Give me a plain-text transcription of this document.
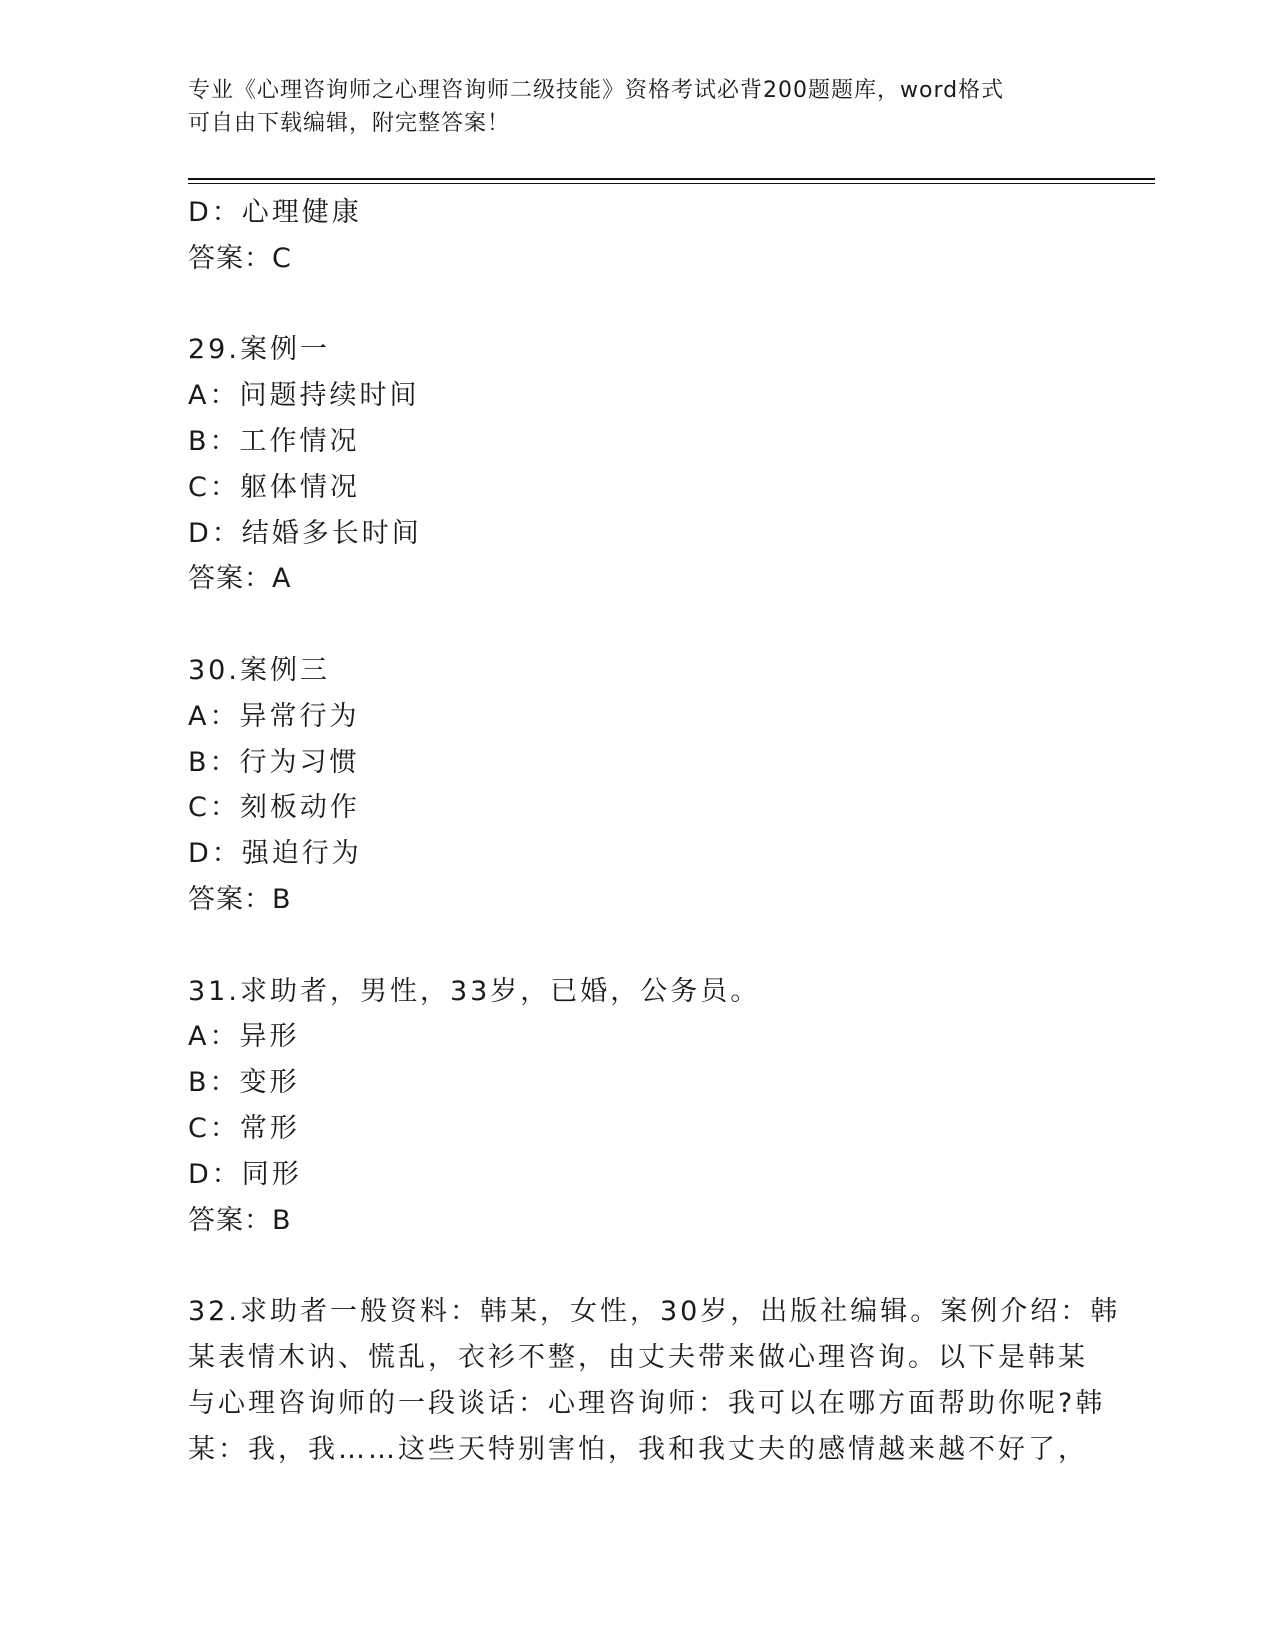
专业《心理咨询师之心理咨询师二级技能》资格考试必背200题题库，word格式
可自由下载编辑，附完整答案！
D：心理健康
答案：C
29.案例一
A：问题持续时间
B：工作情况
C：躯体情况
D：结婚多长时间
答案：A
30.案例三
A：异常行为
B：行为习惯
C：刻板动作
D：强迫行为
答案：B
31.求助者，男性，33岁，已婚，公务员。
A：异形
B：变形
C：常形
D：同形
答案：B
32.求助者一般资料：韩某，女性，30岁，出版社编辑。案例介绍：韩
某表情木讷、慌乱，衣衫不整，由丈夫带来做心理咨询。以下是韩某
与心理咨询师的一段谈话：心理咨询师：我可以在哪方面帮助你呢?韩
某：我，我……这些天特别害怕，我和我丈夫的感情越来越不好了，
